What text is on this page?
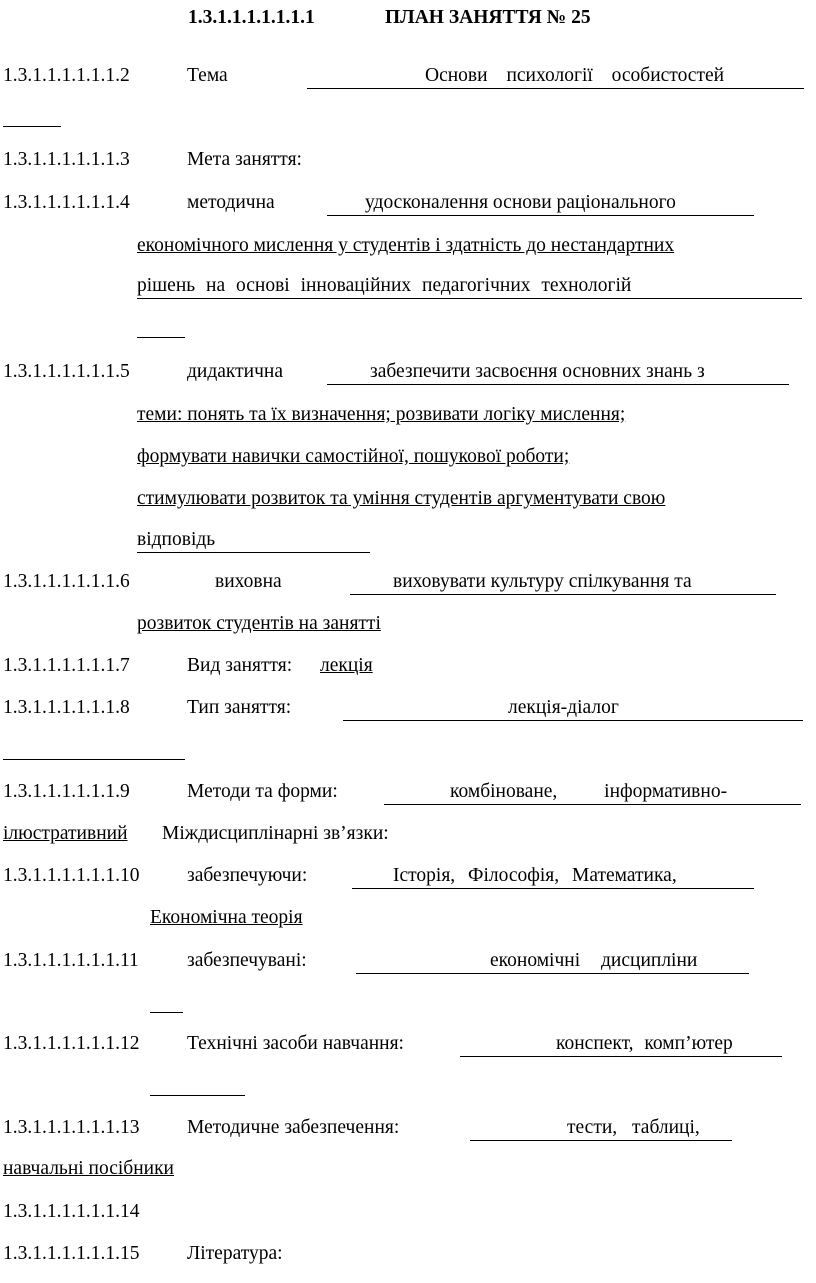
1.3.1.1.1.1.1.1.1	ПЛАН ЗАНЯТТЯ № 25
1.3.1.1.1.1.1.1.2	Тема	Основи психології особистостей
1.3.1.1.1.1.1.1.3	Мета заняття:
1.3.1.1.1.1.1.1.4	методична	удосконалення основи раціонального
економічного мислення у студентів і здатність до нестандартних
рішень на основі інноваційних педагогічних технологій
1.3.1.1.1.1.1.1.5	дидактична	забезпечити засвоєння основних знань з
теми: понять та їх визначення; розвивати логіку мислення;
формувати навички самостійної, пошукової роботи;
стимулювати розвиток та уміння студентів аргументувати свою
відповідь
1.3.1.1.1.1.1.1.6	виховна	виховувати культуру спілкування та
розвиток студентів на занятті
1.3.1.1.1.1.1.1.7	Вид заняття: лекція
1.3.1.1.1.1.1.1.8	Тип заняття:	лекція-діалог
1.3.1.1.1.1.1.1.9	Методи та форми:	комбіноване, інформативно-
ілюстративний Міждисциплінарні зв’язки:
1.3.1.1.1.1.1.1.10 забезпечуючи:	Історія, Філософія, Математика,
Економічна теорія
1.3.1.1.1.1.1.1.11 забезпечувані:	економічні дисципліни
1.3.1.1.1.1.1.1.12 Технічні засоби навчання:	конспект, комп’ютер
1.3.1.1.1.1.1.1.13 Методичне забезпечення:	тести, таблиці,
навчальні посібники
1.3.1.1.1.1.1.1.14
1.3.1.1.1.1.1.1.15 Література:
